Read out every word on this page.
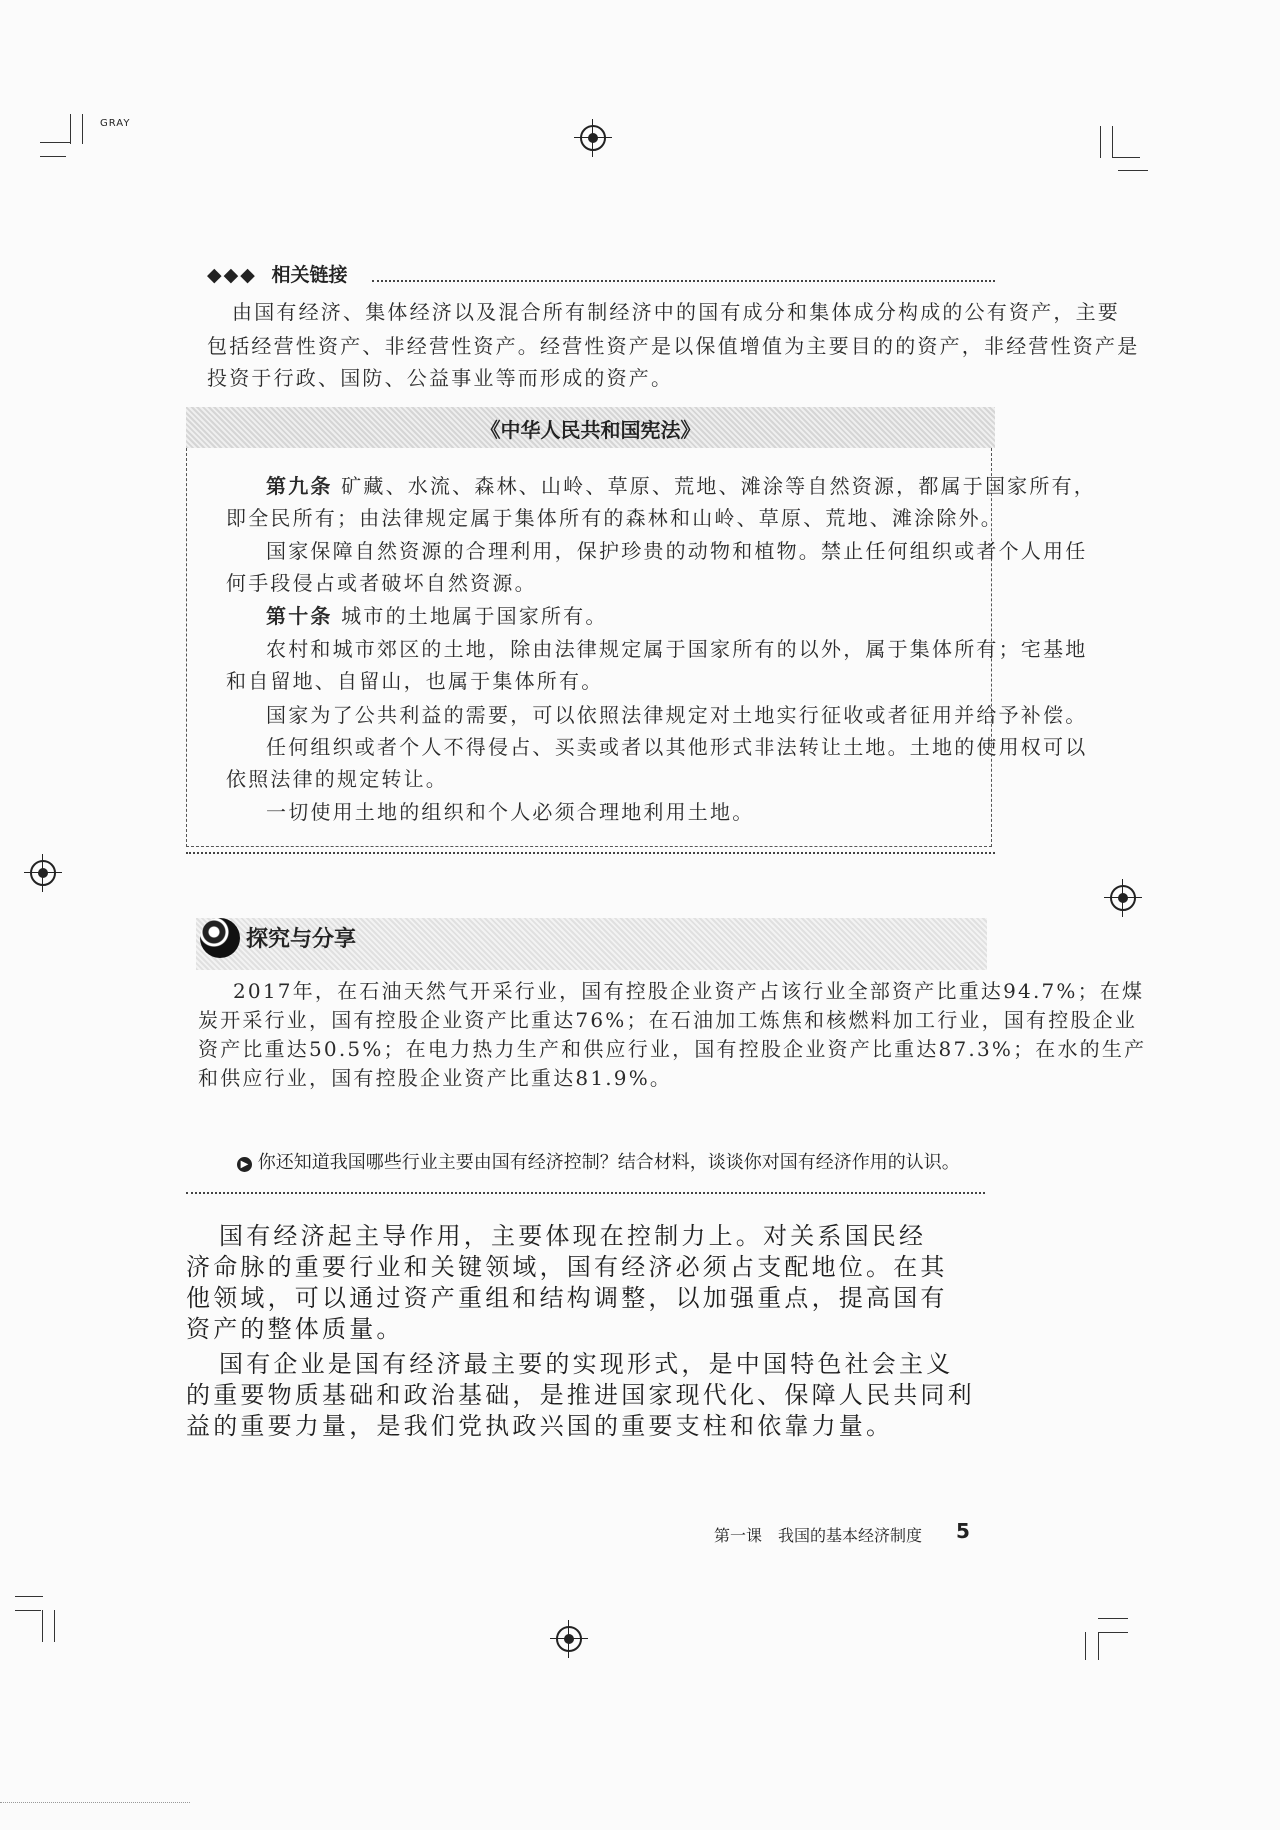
GRAY
◆◆◆ 相关链接
由国有经济、集体经济以及混合所有制经济中的国有成分和集体成分构成的公有资产，主要
包括经营性资产、非经营性资产。经营性资产是以保值增值为主要目的的资产，非经营性资产是
投资于行政、国防、公益事业等而形成的资产。
《中华人民共和国宪法》
第九条 矿藏、水流、森林、山岭、草原、荒地、滩涂等自然资源，都属于国家所有，
即全民所有；由法律规定属于集体所有的森林和山岭、草原、荒地、滩涂除外。
国家保障自然资源的合理利用，保护珍贵的动物和植物。禁止任何组织或者个人用任
何手段侵占或者破坏自然资源。
第十条 城市的土地属于国家所有。
农村和城市郊区的土地，除由法律规定属于国家所有的以外，属于集体所有；宅基地
和自留地、自留山，也属于集体所有。
国家为了公共利益的需要，可以依照法律规定对土地实行征收或者征用并给予补偿。
任何组织或者个人不得侵占、买卖或者以其他形式非法转让土地。土地的使用权可以
依照法律的规定转让。
一切使用土地的组织和个人必须合理地利用土地。
探究与分享
2017年，在石油天然气开采行业，国有控股企业资产占该行业全部资产比重达94.7%；在煤
炭开采行业，国有控股企业资产比重达76%；在石油加工炼焦和核燃料加工行业，国有控股企业
资产比重达50.5%；在电力热力生产和供应行业，国有控股企业资产比重达87.3%；在水的生产
和供应行业，国有控股企业资产比重达81.9%。
▶ 你还知道我国哪些行业主要由国有经济控制？结合材料，谈谈你对国有经济作用的认识。
国有经济起主导作用，主要体现在控制力上。对关系国民经
济命脉的重要行业和关键领域，国有经济必须占支配地位。在其
他领域，可以通过资产重组和结构调整，以加强重点，提高国有
资产的整体质量。
国有企业是国有经济最主要的实现形式，是中国特色社会主义
的重要物质基础和政治基础，是推进国家现代化、保障人民共同利
益的重要力量，是我们党执政兴国的重要支柱和依靠力量。
第一课　我国的基本经济制度 5
